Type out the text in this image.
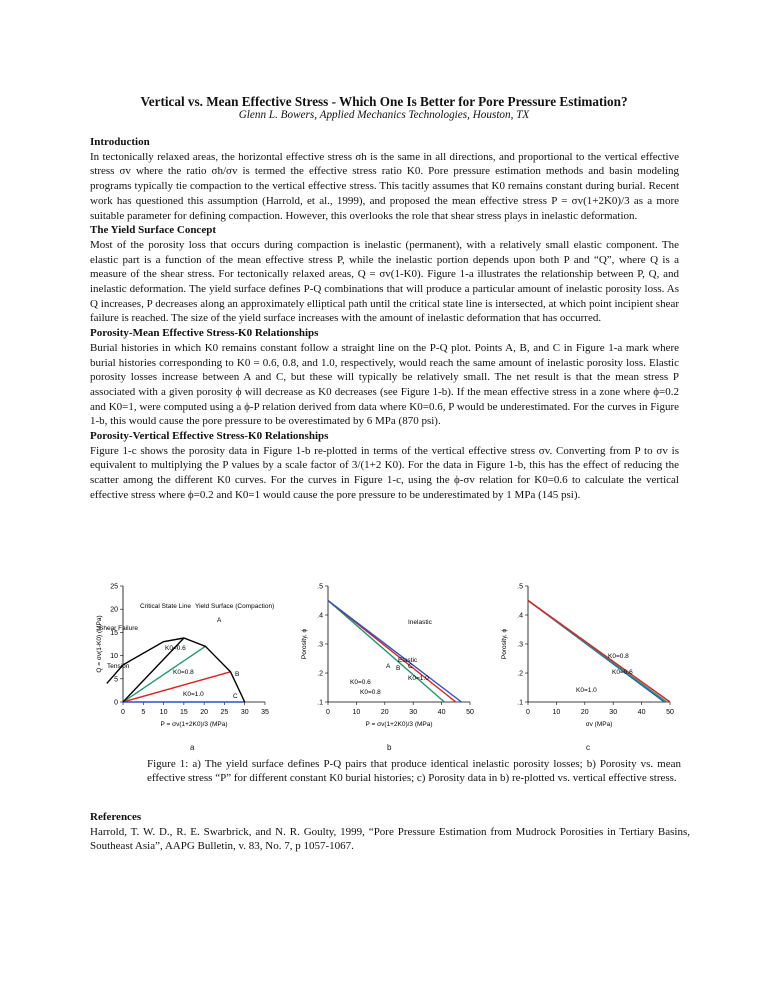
Vertical vs. Mean Effective Stress - Which One Is Better for Pore Pressure Estimation?
Glenn L. Bowers, Applied Mechanics Technologies, Houston, TX
Introduction

In tectonically relaxed areas, the horizontal effective stress σh is the same in all directions, and proportional to the vertical effective stress σv where the ratio σh/σv is termed the effective stress ratio K0. Pore pressure estimation methods and basin modeling programs typically tie compaction to the vertical effective stress. This tacitly assumes that K0 remains constant during burial. Recent work has questioned this assumption (Harrold, et al., 1999), and proposed the mean effective stress P = σv(1+2K0)/3 as a more suitable parameter for defining compaction. However, this overlooks the role that shear stress plays in inelastic deformation.

The Yield Surface Concept

Most of the porosity loss that occurs during compaction is inelastic (permanent), with a relatively small elastic component. The elastic part is a function of the mean effective stress P, while the inelastic portion depends upon both P and “Q”, where Q is a measure of the shear stress. For tectonically relaxed areas, Q = σv(1-K0). Figure 1-a illustrates the relationship between P, Q, and inelastic deformation. The yield surface defines P-Q combinations that will produce a particular amount of inelastic porosity loss. As Q increases, P decreases along an approximately elliptical path until the critical state line is intersected, at which point incipient shear failure is reached. The size of the yield surface increases with the amount of inelastic deformation that has occurred.

Porosity-Mean Effective Stress-K0 Relationships

Burial histories in which K0 remains constant follow a straight line on the P-Q plot. Points A, B, and C in Figure 1-a mark where burial histories corresponding to K0 = 0.6, 0.8, and 1.0, respectively, would reach the same amount of inelastic porosity loss. Elastic porosity losses increase between A and C, but these will typically be relatively small. The net result is that the mean stress P associated with a given porosity ϕ will decrease as K0 decreases (see Figure 1-b). If the mean effective stress in a zone where ϕ=0.2 and K0=1, were computed using a ϕ-P relation derived from data where K0=0.6, P would be underestimated. For the curves in Figure 1-b, this would cause the pore pressure to be overestimated by 6 MPa (870 psi).

Porosity-Vertical Effective Stress-K0 Relationships

Figure 1-c shows the porosity data in Figure 1-b re-plotted in terms of the vertical effective stress σv. Converting from P to σv is equivalent to multiplying the P values by a scale factor of 3/(1+2 K0). For the data in Figure 1-b, this has the effect of reducing the scatter among the different K0 curves. For the curves in Figure 1-c, using the ϕ-σv relation for K0=0.6 to calculate the vertical effective stress where ϕ=0.2 and K0=1 would cause the pore pressure to be underestimated by 1 MPa (145 psi).

0 5 10 15 20 25 30 35
0
5
10
15
20
25
P = σv(1+2K0)/3 (MPa)
Q = σv(1-K0) (MPa)
Critical State Line Yield Surface (Compaction)
Shear Failure
Tension
K0=0.6
K0=0.8
K0=1.0
A
B
C
0	10	20	30	40	50
.1
.2
.3
.4
.5
P = σv(1+2K0)/3 (MPa)
Porosity, ϕ
Inelastic
Elastic
A B C
K0=0.6
K0=0.8
K0=1.0
0	10	20	30	40	50
.1
.2
.3
.4
.5
σv (MPa)
Porosity, ϕ	K0=0.8
K0=0.6
K0=1.0
a	b	c
Figure 1: a) The yield surface defines P-Q pairs that produce identical inelastic porosity losses; b) Porosity vs. mean effective stress “P” for different constant K0 burial histories; c) Porosity data in b) re-plotted vs. vertical effective stress.
References

Harrold, T. W. D., R. E. Swarbrick, and N. R. Goulty, 1999, “Pore Pressure Estimation from Mudrock Porosities in Tertiary Basins, Southeast Asia”, AAPG Bulletin, v. 83, No. 7, p 1057-1067.
